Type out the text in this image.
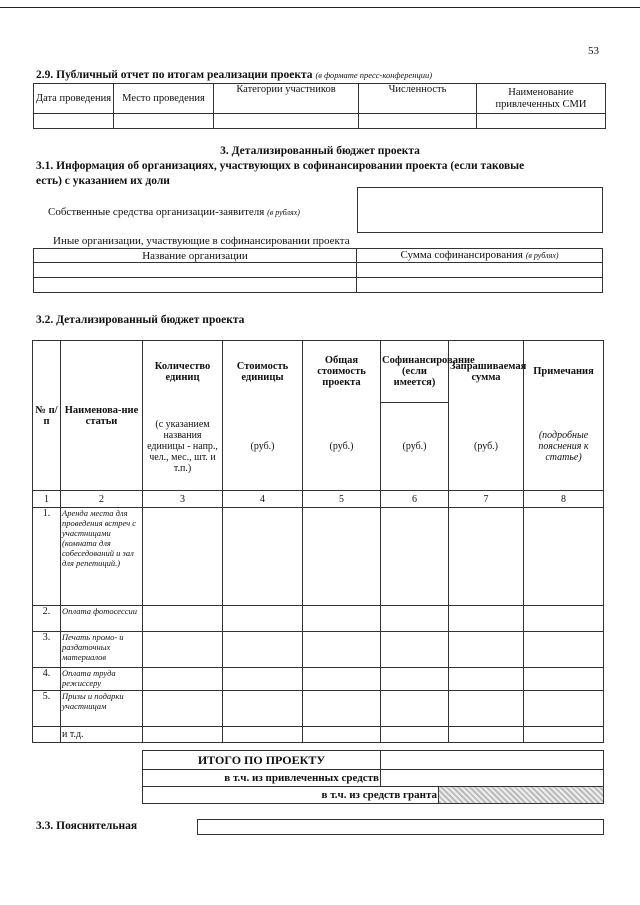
53
2.9. Публичный отчет по итогам реализации проекта (в формате пресс-конференции)
Дата проведения	Место проведения	Категории участников	Численность	Наименование привлеченных СМИ

3. Детализированный бюджет проекта
3.1. Информация об организациях, участвующих в софинансировании проекта (если таковые
есть) с указанием их доли
Собственные средства организации-заявителя (в рублях)
Иные организации, участвующие в софинансировании проекта
Название организации	Сумма софинансирования (в рублях)

3.2. Детализированный бюджет проекта
№ п/п	Наименова-ние статьи	Количество единиц	Стоимость единицы	Общая стоимость проекта	Софинансирование (если имеется)	Запрашиваемая сумма	Примечания
		(с указанием названия единицы - напр., чел., мес., шт. и т.п.)	(руб.)	(руб.)	(руб.)	(руб.)	(подробные пояснения к статье)
1	2	3	4	5	6	7	8
1.	Аренда места для проведения встреч с участницами (комната для собеседований и зал для репетиций.)						
2.	Оплата фотосессии						
3.	Печать промо- и раздаточных материалов						
4.	Оплата труда режиссеру						
5.	Призы и подарки участницам						
	и т.д.						
ИТОГО ПО ПРОЕКТУ	
в т.ч. из привлеченных средств	
в т.ч. из средств гранта	
3.3. Пояснительная
